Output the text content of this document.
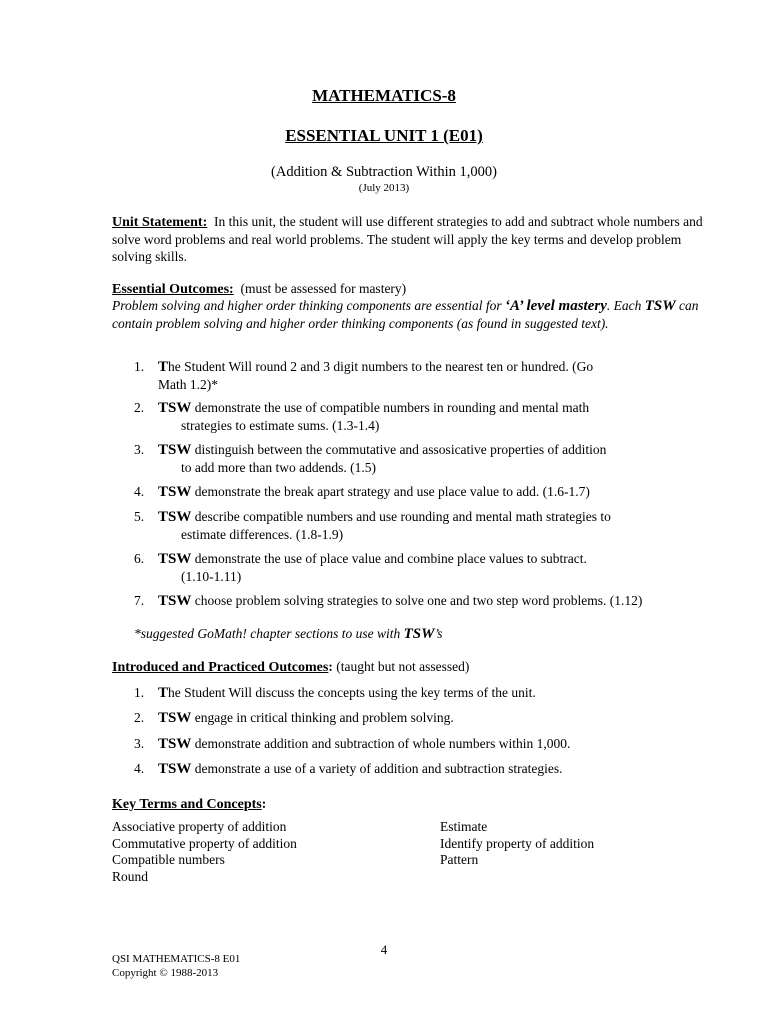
MATHEMATICS-8
ESSENTIAL UNIT 1 (E01)
(Addition & Subtraction Within 1,000)
(July 2013)
Unit Statement: In this unit, the student will use different strategies to add and subtract whole numbers and solve word problems and real world problems. The student will apply the key terms and develop problem solving skills.
Essential Outcomes: (must be assessed for mastery)
Problem solving and higher order thinking components are essential for ‘A’ level mastery. Each TSW can contain problem solving and higher order thinking components (as found in suggested text).
1. The Student Will round 2 and 3 digit numbers to the nearest ten or hundred. (Go
Math 1.2)*
2. TSW demonstrate the use of compatible numbers in rounding and mental math
strategies to estimate sums. (1.3-1.4)
3. TSW distinguish between the commutative and assosicative properties of addition
to add more than two addends. (1.5)
4. TSW demonstrate the break apart strategy and use place value to add. (1.6-1.7)
5. TSW describe compatible numbers and use rounding and mental math strategies to
estimate differences. (1.8-1.9)
6. TSW demonstrate the use of place value and combine place values to subtract.
(1.10-1.11)
7. TSW choose problem solving strategies to solve one and two step word problems. (1.12)
*suggested GoMath! chapter sections to use with TSW’s
Introduced and Practiced Outcomes: (taught but not assessed)
1. The Student Will discuss the concepts using the key terms of the unit.
2. TSW engage in critical thinking and problem solving.
3. TSW demonstrate addition and subtraction of whole numbers within 1,000.
4. TSW demonstrate a use of a variety of addition and subtraction strategies.
Key Terms and Concepts:
Associative property of addition
Commutative property of addition
Compatible numbers
Round
Estimate
Identify property of addition
Pattern
4
QSI MATHEMATICS-8 E01
Copyright © 1988-2013
